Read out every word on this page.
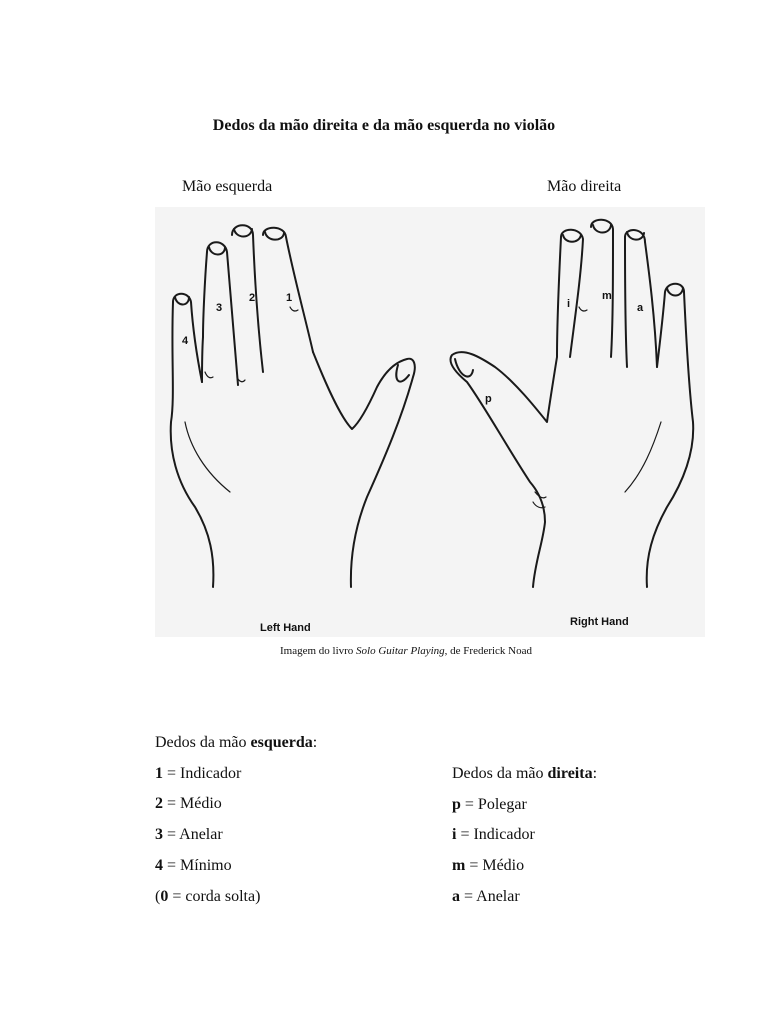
Dedos da mão direita e da mão esquerda no violão
Mão esquerda	Mão direita
4
3
2	1
Left Hand
i
m
a
p
Right Hand
Imagem do livro Solo Guitar Playing, de Frederick Noad
Dedos da mão esquerda:
1 = Indicador
2 = Médio
3 = Anelar
4 = Mínimo
(0 = corda solta)
Dedos da mão direita:
p = Polegar
i = Indicador
m = Médio
a = Anelar
